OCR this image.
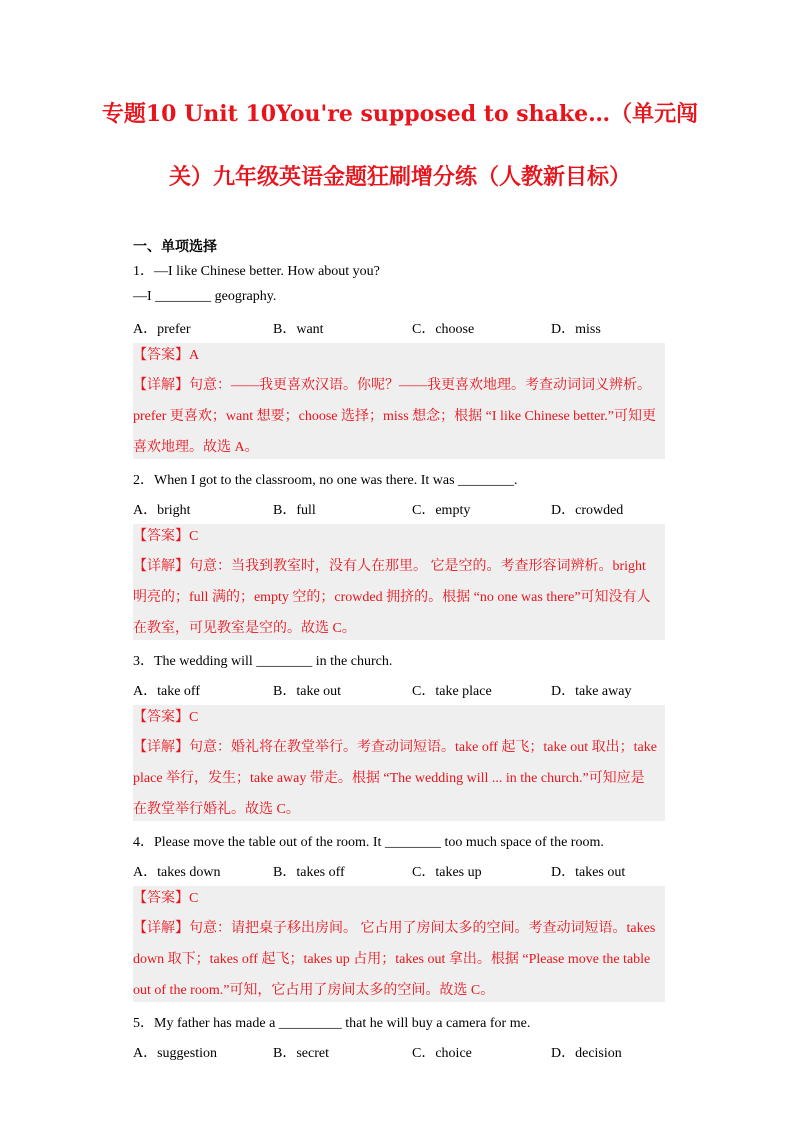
专题10 Unit 10You're supposed to shake…（单元闯
关）九年级英语金题狂刷增分练（人教新目标）
一、单项选择
1．—I like Chinese better. How about you?
—I ________ geography.
A．prefer	B．want	C．choose	D．miss
【答案】A
【详解】句意：——我更喜欢汉语。你呢？——我更喜欢地理。考查动词词义辨析。
prefer 更喜欢；want 想要；choose 选择；miss 想念；根据 “I like Chinese better.”可知更
喜欢地理。故选 A。
2．When I got to the classroom, no one was there. It was ________.
A．bright	B．full	C．empty	D．crowded
【答案】C
【详解】句意：当我到教室时，没有人在那里。 它是空的。考查形容词辨析。bright
明亮的；full 满的；empty 空的；crowded 拥挤的。根据 “no one was there”可知没有人
在教室，可见教室是空的。故选 C。
3．The wedding will ________ in the church.
A．take off	B．take out	C．take place	D．take away
【答案】C
【详解】句意：婚礼将在教堂举行。考查动词短语。take off 起飞；take out 取出；take
place 举行，发生；take away 带走。根据 “The wedding will ... in the church.”可知应是
在教堂举行婚礼。故选 C。
4．Please move the table out of the room. It ________ too much space of the room.
A．takes down	B．takes off	C．takes up	D．takes out
【答案】C
【详解】句意：请把桌子移出房间。 它占用了房间太多的空间。考查动词短语。takes
down 取下；takes off 起飞；takes up 占用；takes out 拿出。根据 “Please move the table
out of the room.”可知，它占用了房间太多的空间。故选 C。
5．My father has made a _________ that he will buy a camera for me.
A．suggestion	B．secret	C．choice	D．decision
